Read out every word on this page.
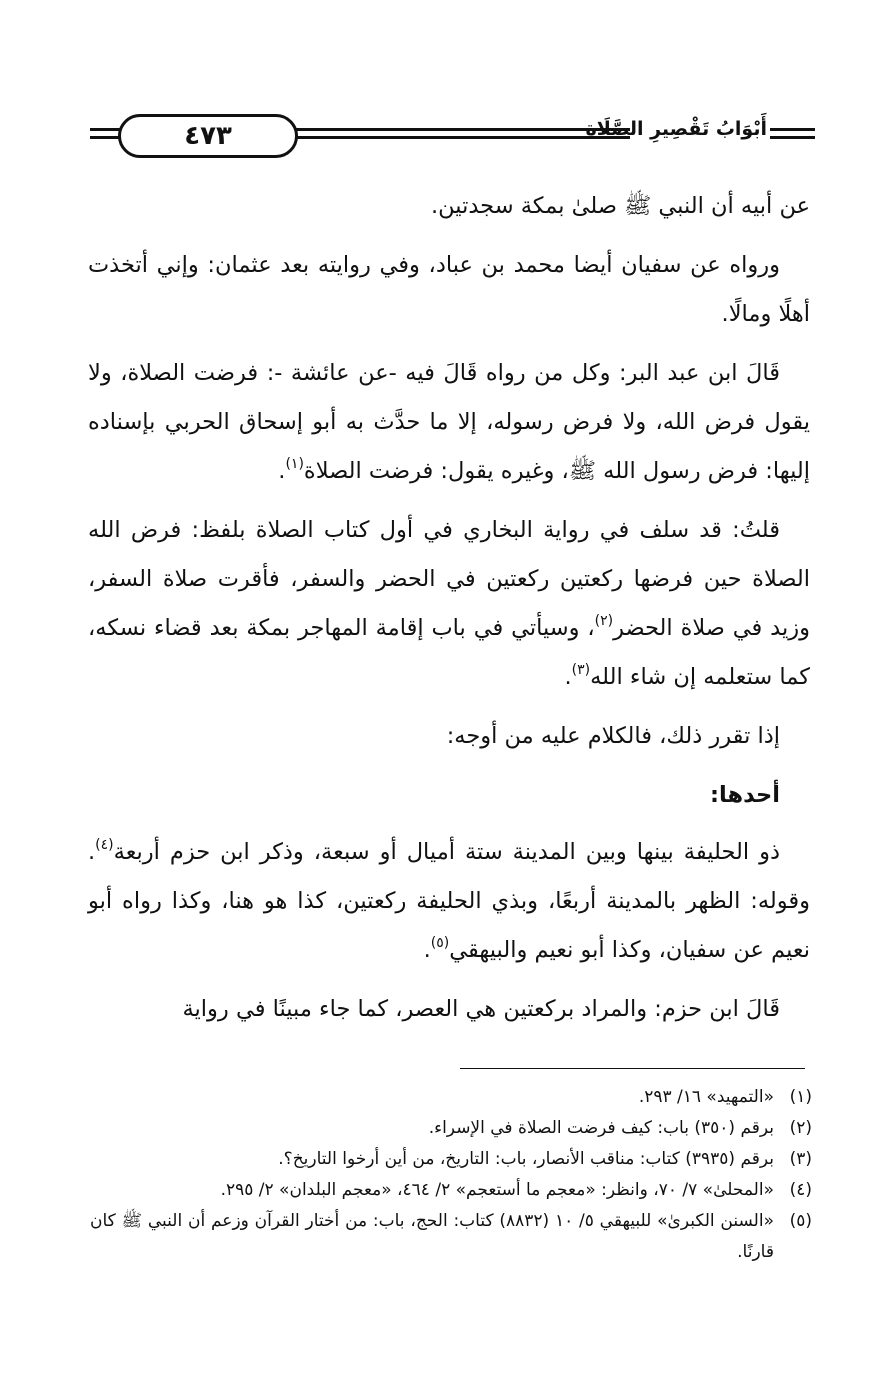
٤٧٣	أَبْوَابُ تَقْصِيرِ الصَّلَاةِ

عن أبيه أن النبي ﷺ صلىٰ بمكة سجدتين.

ورواه عن سفيان أيضا محمد بن عباد، وفي روايته بعد عثمان: وإني أتخذت أهلًا ومالًا.

قَالَ ابن عبد البر: وكل من رواه قَالَ فيه -عن عائشة -: فرضت الصلاة، ولا يقول فرض الله، ولا فرض رسوله، إلا ما حدَّث به أبو إسحاق الحربي بإسناده إليها: فرض رسول الله ﷺ، وغيره يقول: فرضت الصلاة$^{(١)}$.

قلتُ: قد سلف في رواية البخاري في أول كتاب الصلاة بلفظ: فرض الله الصلاة حين فرضها ركعتين ركعتين في الحضر والسفر، فأقرت صلاة السفر، وزيد في صلاة الحضر$^{(٢)}$، وسيأتي في باب إقامة المهاجر بمكة بعد قضاء نسكه، كما ستعلمه إن شاء الله$^{(٣)}$.

إذا تقرر ذلك، فالكلام عليه من أوجه:

أحدها:

ذو الحليفة بينها وبين المدينة ستة أميال أو سبعة، وذكر ابن حزم أربعة$^{(٤)}$. وقوله: الظهر بالمدينة أربعًا، وبذي الحليفة ركعتين، كذا هو هنا، وكذا رواه أبو نعيم عن سفيان، وكذا أبو نعيم والبيهقي$^{(٥)}$.

قَالَ ابن حزم: والمراد بركعتين هي العصر، كما جاء مبينًا في رواية

(١)
«التمهيد» ١٦/ ٢٩٣.
(٢)
برقم (٣٥٠) باب: كيف فرضت الصلاة في الإسراء.
(٣)
برقم (٣٩٣٥) كتاب: مناقب الأنصار، باب: التاريخ، من أين أرخوا التاريخ؟.
(٤)
«المحلىٰ» ٧/ ٧٠، وانظر: «معجم ما أستعجم» ٢/ ٤٦٤، «معجم البلدان» ٢/ ٢٩٥.
(٥)
«السنن الكبرىٰ» للبيهقي ٥/ ١٠ (٨٨٣٢) كتاب: الحج، باب: من أختار القرآن وزعم أن النبي ﷺ كان قارنًا.
